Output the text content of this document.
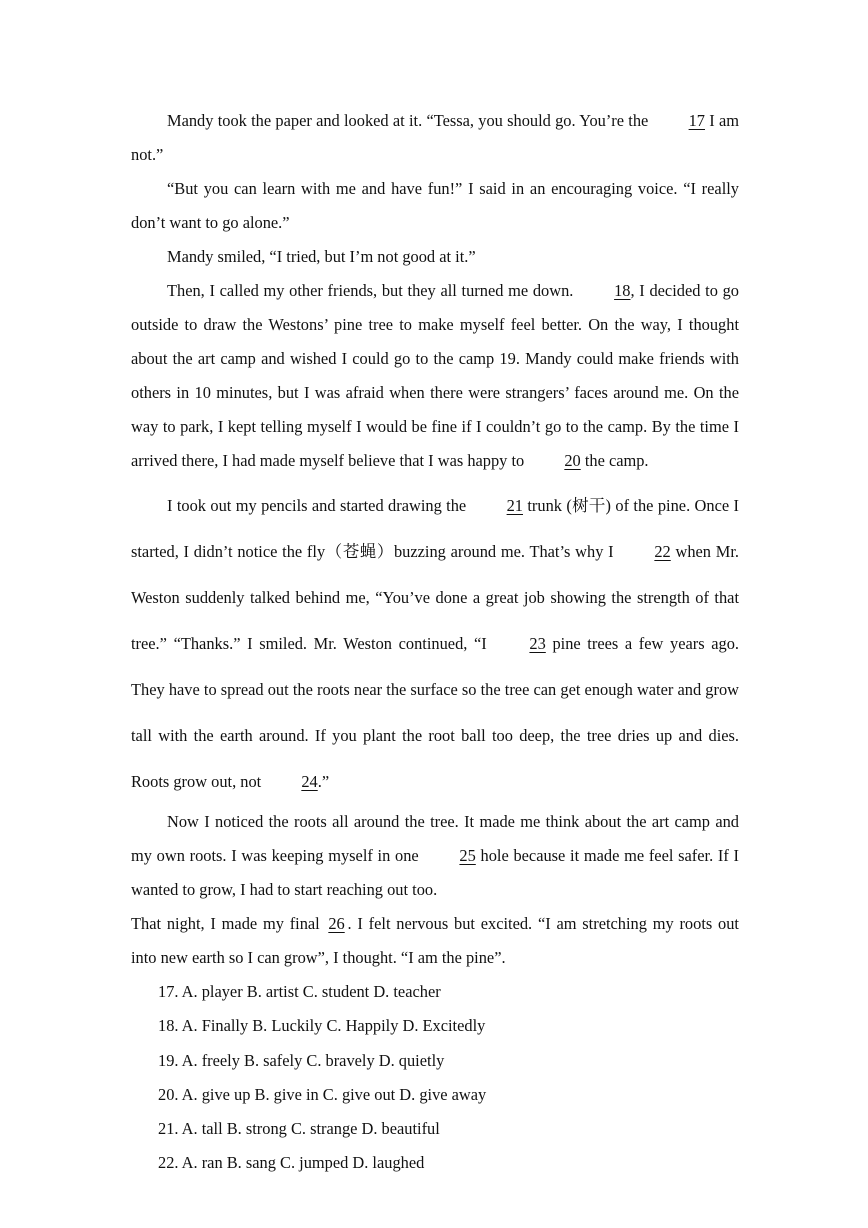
Mandy took the paper and looked at it. “Tessa, you should go. You’re the 17 I am not.”

“But you can learn with me and have fun!” I said in an encouraging voice. “I really don’t want to go alone.”

Mandy smiled, “I tried, but I’m not good at it.”

Then, I called my other friends, but they all turned me down. 18, I decided to go outside to draw the Westons’ pine tree to make myself feel better. On the way, I thought about the art camp and wished I could go to the camp 19. Mandy could make friends with others in 10 minutes, but I was afraid when there were strangers’ faces around me. On the way to park, I kept telling myself I would be fine if I couldn’t go to the camp. By the time I arrived there, I had made myself believe that I was happy to 20 the camp.

I took out my pencils and started drawing the 21 trunk (树干) of the pine. Once I started, I didn’t notice the fly（苍蝇）buzzing around me. That’s why I 22 when Mr. Weston suddenly talked behind me, “You’ve done a great job showing the strength of that tree.” “Thanks.” I smiled. Mr. Weston continued, “I 23 pine trees a few years ago. They have to spread out the roots near the surface so the tree can get enough water and grow tall with the earth around. If you plant the root ball too deep, the tree dries up and dies. Roots grow out, not 24.”

Now I noticed the roots all around the tree. It made me think about the art camp and my own roots. I was keeping myself in one 25 hole because it made me feel safer. If I wanted to grow, I had to start reaching out too.

That night, I made my final 26 . I felt nervous but excited. “I am stretching my roots out into new earth so I can grow”, I thought. “I am the pine”.

17. A. player B. artist C. student D. teacher

18. A. Finally B. Luckily C. Happily D. Excitedly

19. A. freely B. safely C. bravely D. quietly

20. A. give up B. give in C. give out D. give away

21. A. tall B. strong C. strange D. beautiful

22. A. ran B. sang C. jumped D. laughed
